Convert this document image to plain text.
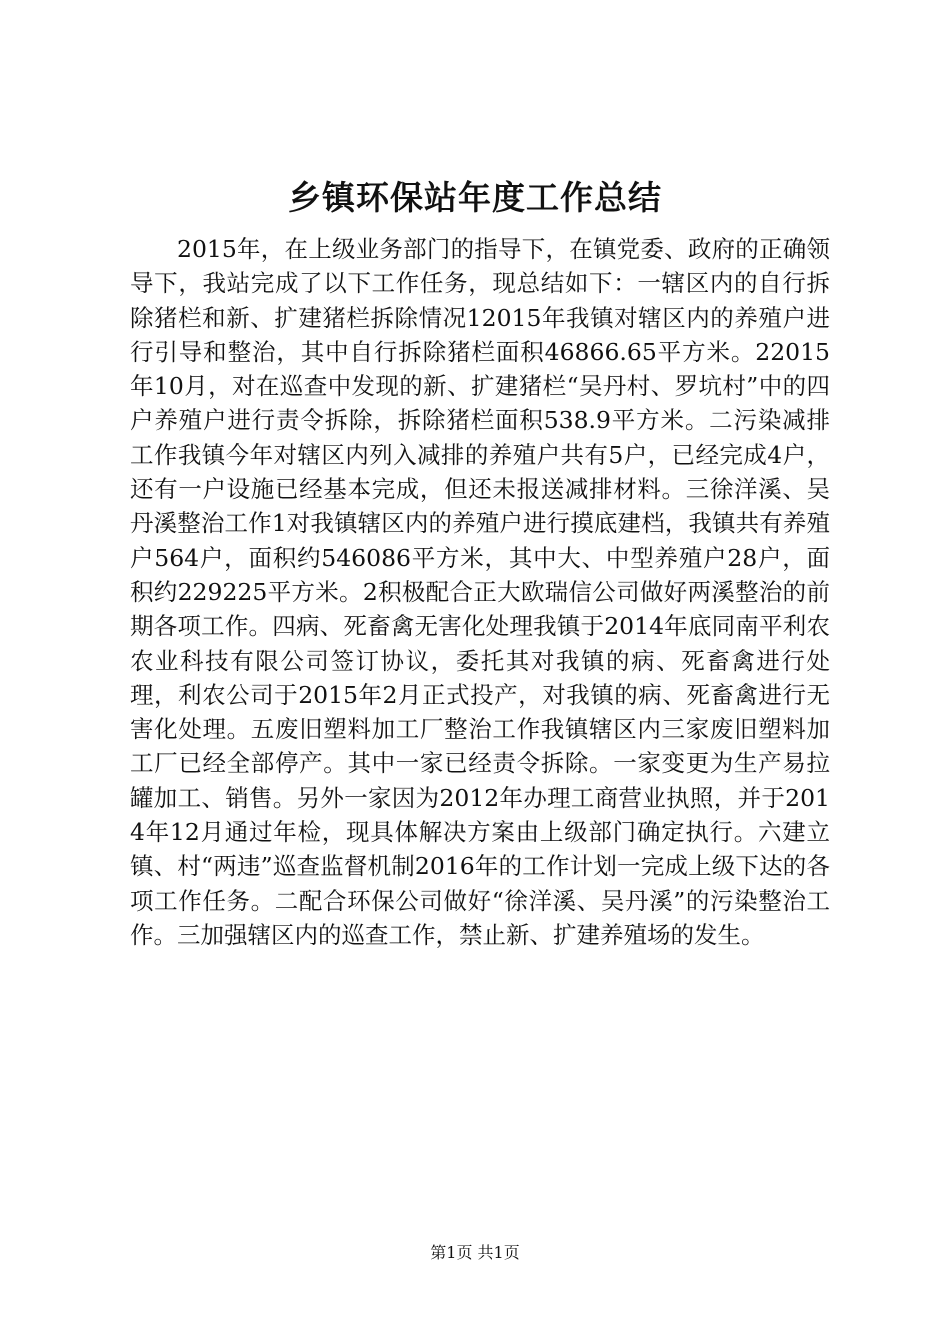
乡镇环保站年度工作总结

2015年，在上级业务部门的指导下，在镇党委、政府的正确领导下，我站完成了以下工作任务，现总结如下：一辖区内的自行拆除猪栏和新、扩建猪栏拆除情况12015年我镇对辖区内的养殖户进行引导和整治，其中自行拆除猪栏面积46866.65平方米。22015年10月，对在巡查中发现的新、扩建猪栏“吴丹村、罗坑村”中的四户养殖户进行责令拆除，拆除猪栏面积538.9平方米。二污染减排工作我镇今年对辖区内列入减排的养殖户共有5户，已经完成4户，还有一户设施已经基本完成，但还未报送减排材料。三徐洋溪、吴丹溪整治工作1对我镇辖区内的养殖户进行摸底建档，我镇共有养殖户564户，面积约546086平方米，其中大、中型养殖户28户，面积约229225平方米。2积极配合正大欧瑞信公司做好两溪整治的前期各项工作。四病、死畜禽无害化处理我镇于2014年底同南平利农农业科技有限公司签订协议，委托其对我镇的病、死畜禽进行处理，利农公司于2015年2月正式投产，对我镇的病、死畜禽进行无害化处理。五废旧塑料加工厂整治工作我镇辖区内三家废旧塑料加工厂已经全部停产。其中一家已经责令拆除。一家变更为生产易拉罐加工、销售。另外一家因为2012年办理工商营业执照，并于2014年12月通过年检，现具体解决方案由上级部门确定执行。六建立镇、村“两违”巡查监督机制2016年的工作计划一完成上级下达的各项工作任务。二配合环保公司做好“徐洋溪、吴丹溪”的污染整治工作。三加强辖区内的巡查工作，禁止新、扩建养殖场的发生。

第1页 共1页
